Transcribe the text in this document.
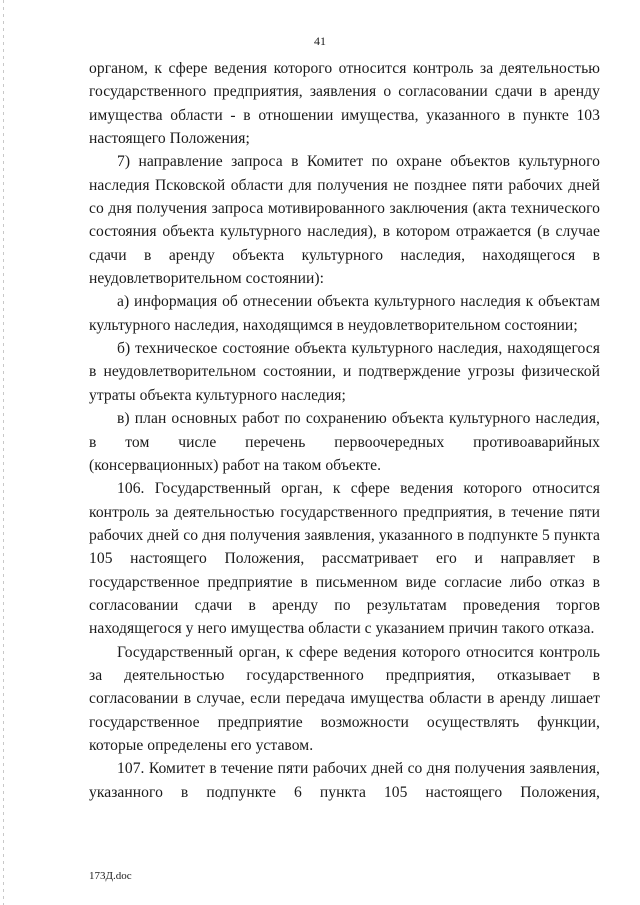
41

органом, к сфере ведения которого относится контроль за деятельностью государственного предприятия, заявления о согласовании сдачи в аренду имущества области - в отношении имущества, указанного в пункте 103 настоящего Положения;

7) направление запроса в Комитет по охране объектов культурного наследия Псковской области для получения не позднее пяти рабочих дней со дня получения запроса мотивированного заключения (акта технического состояния объекта культурного наследия), в котором отражается (в случае сдачи в аренду объекта культурного наследия, находящегося в неудовлетворительном состоянии):

а) информация об отнесении объекта культурного наследия к объектам культурного наследия, находящимся в неудовлетворительном состоянии;

б) техническое состояние объекта культурного наследия, находящегося в неудовлетворительном состоянии, и подтверждение угрозы физической утраты объекта культурного наследия;

в) план основных работ по сохранению объекта культурного наследия, в том числе перечень первоочередных противоаварийных (консервационных) работ на таком объекте.

106. Государственный орган, к сфере ведения которого относится контроль за деятельностью государственного предприятия, в течение пяти рабочих дней со дня получения заявления, указанного в подпункте 5 пункта 105 настоящего Положения, рассматривает его и направляет в государственное предприятие в письменном виде согласие либо отказ в согласовании сдачи в аренду по результатам проведения торгов находящегося у него имущества области с указанием причин такого отказа.

Государственный орган, к сфере ведения которого относится контроль за деятельностью государственного предприятия, отказывает в согласовании в случае, если передача имущества области в аренду лишает государственное предприятие возможности осуществлять функции, которые определены его уставом.

107. Комитет в течение пяти рабочих дней со дня получения заявления, указанного в подпункте 6 пункта 105 настоящего Положения,

173Д.doc
